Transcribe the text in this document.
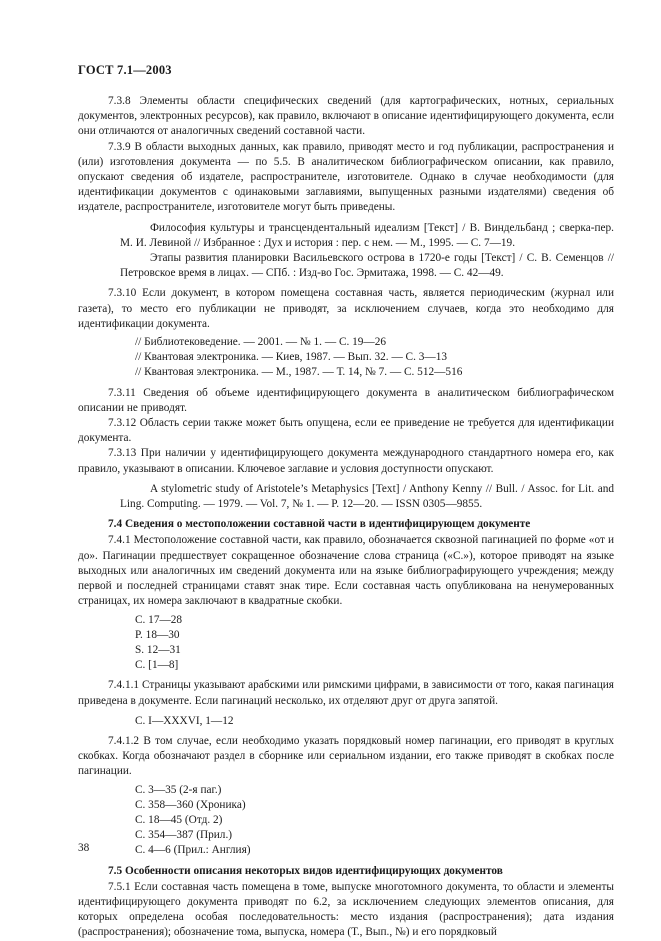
ГОСТ 7.1—2003

7.3.8 Элементы области специфических сведений (для картографических, нотных, сериальных документов, электронных ресурсов), как правило, включают в описание идентифицирующего документа, если они отличаются от аналогичных сведений составной части.

7.3.9 В области выходных данных, как правило, приводят место и год публикации, распространения и (или) изготовления документа — по 5.5. В аналитическом библиографическом описании, как правило, опускают сведения об издателе, распространителе, изготовителе. Однако в случае необходимости (для идентификации документов с одинаковыми заглавиями, выпущенных разными издателями) сведения об издателе, распространителе, изготовителе могут быть приведены.

Философия культуры и трансцендентальный идеализм [Текст] / В. Виндельбанд ; сверка-пер. М. И. Левиной // Избранное : Дух и история : пер. с нем. — М., 1995. — С. 7—19.

Этапы развития планировки Васильевского острова в 1720-е годы [Текст] / С. В. Семенцов // Петровское время в лицах. — СПб. : Изд-во Гос. Эрмитажа, 1998. — С. 42—49.

7.3.10 Если документ, в котором помещена составная часть, является периодическим (журнал или газета), то место его публикации не приводят, за исключением случаев, когда это необходимо для идентификации документа.

// Библиотековедение. — 2001. — № 1. — С. 19—26
// Квантовая электроника. — Киев, 1987. — Вып. 32. — С. 3—13
// Квантовая электроника. — М., 1987. — Т. 14, № 7. — С. 512—516

7.3.11 Сведения об объеме идентифицирующего документа в аналитическом библиографическом описании не приводят.

7.3.12 Область серии также может быть опущена, если ее приведение не требуется для идентификации документа.

7.3.13 При наличии у идентифицирующего документа международного стандартного номера его, как правило, указывают в описании. Ключевое заглавие и условия доступности опускают.

A stylometric study of Aristotele’s Metaphysics [Text] / Anthony Kenny // Bull. / Assoc. for Lit. and Ling. Computing. — 1979. — Vol. 7, № 1. — P. 12—20. — ISSN 0305—9855.

7.4 Сведения о местоположении составной части в идентифицирующем документе

7.4.1 Местоположение составной части, как правило, обозначается сквозной пагинацией по форме «от и до». Пагинации предшествует сокращенное обозначение слова страница («С.»), которое приводят на языке выходных или аналогичных им сведений документа или на языке библиографирующего учреждения; между первой и последней страницами ставят знак тире. Если составная часть опубликована на ненумерованных страницах, их номера заключают в квадратные скобки.

С. 17—28
P. 18—30
S. 12—31
С. [1—8]

7.4.1.1 Страницы указывают арабскими или римскими цифрами, в зависимости от того, какая пагинация приведена в документе. Если пагинаций несколько, их отделяют друг от друга запятой.

С. I—XXXVI, 1—12

7.4.1.2 В том случае, если необходимо указать порядковый номер пагинации, его приводят в круглых скобках. Когда обозначают раздел в сборнике или сериальном издании, его также приводят в скобках после пагинации.

С. 3—35 (2-я паг.)
С. 358—360 (Хроника)
С. 18—45 (Отд. 2)
С. 354—387 (Прил.)
С. 4—6 (Прил.: Англия)
7.5 Особенности описания некоторых видов идентифицирующих документов

7.5.1 Если составная часть помещена в томе, выпуске многотомного документа, то области и элементы идентифицирующего документа приводят по 6.2, за исключением следующих элементов описания, для которых определена особая последовательность: место издания (распространения); дата издания (распространения); обозначение тома, выпуска, номера (Т., Вып., №) и его порядковый

38
